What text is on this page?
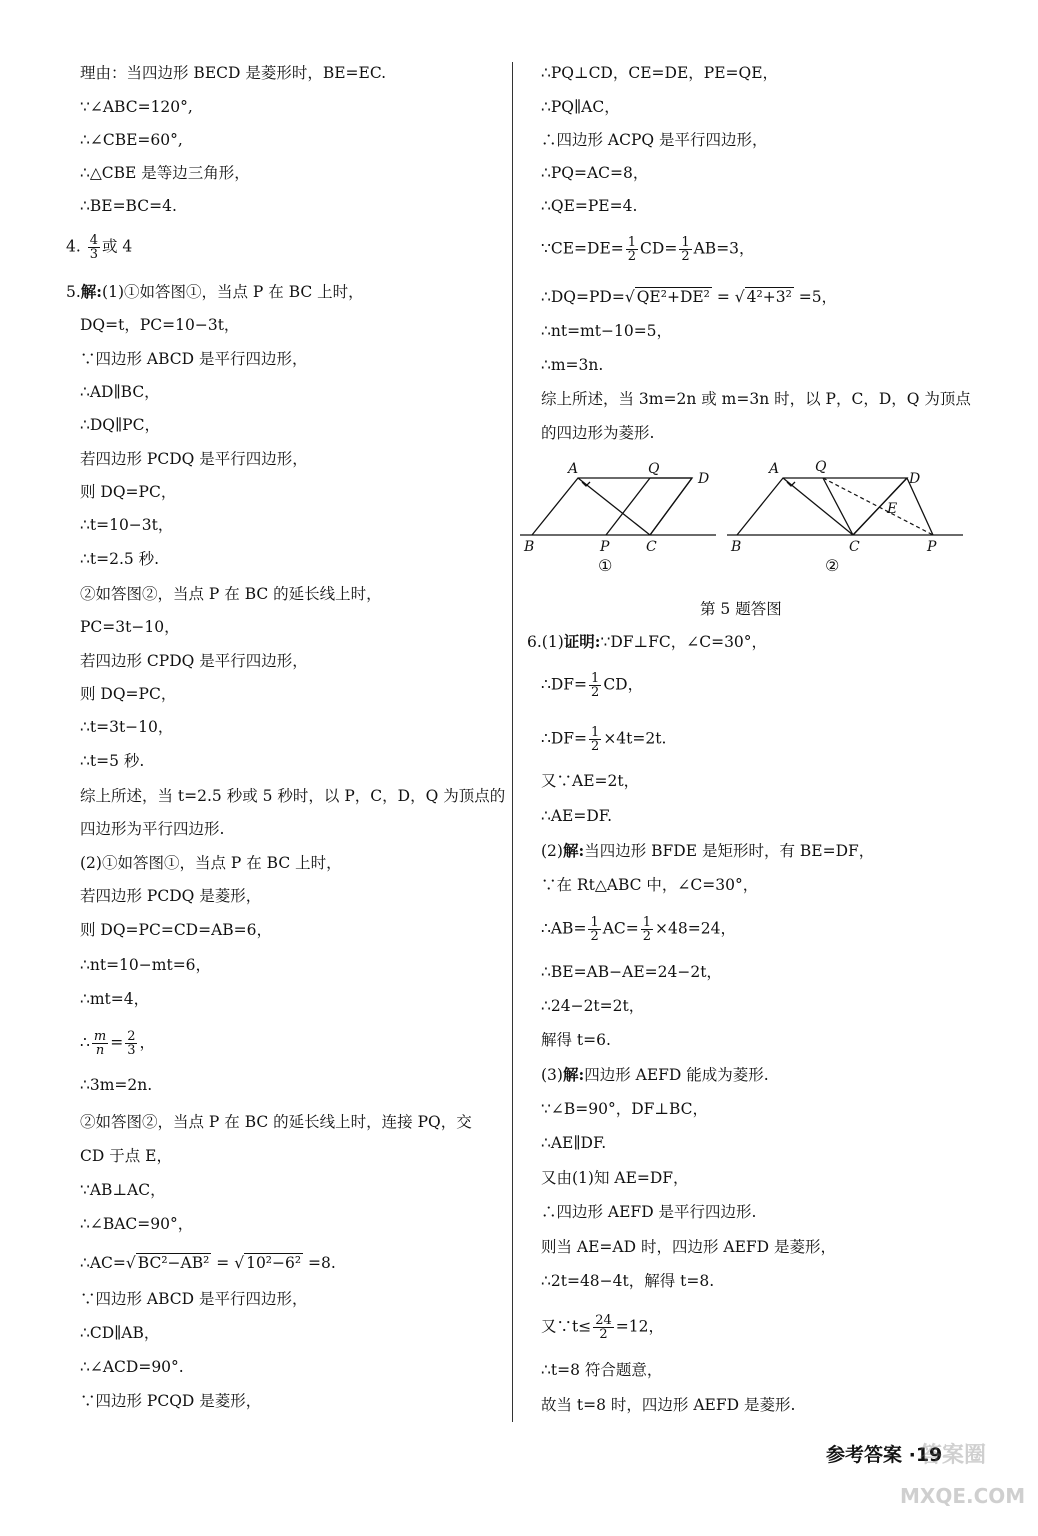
理由：当四边形 BECD 是菱形时，BE=EC.
∵∠ABC=120°,
∴∠CBE=60°,
∴△CBE 是等边三角形，
∴BE=BC=4.
4. $\frac{4}{3}$ 或 4
5.解:(1)①如答图①，当点 P 在 BC 上时，
DQ=t，PC=10−3t，
∵四边形 ABCD 是平行四边形，
∴AD∥BC，
∴DQ∥PC，
若四边形 PCDQ 是平行四边形，
则 DQ=PC，
∴t=10−3t，
∴t=2.5 秒.
②如答图②，当点 P 在 BC 的延长线上时，
PC=3t−10，
若四边形 CPDQ 是平行四边形，
则 DQ=PC，
∴t=3t−10，
∴t=5 秒.
综上所述，当 t=2.5 秒或 5 秒时，以 P，C，D，Q 为顶点的
四边形为平行四边形.
(2)①如答图①，当点 P 在 BC 上时，
若四边形 PCDQ 是菱形，
则 DQ=PC=CD=AB=6，
∴nt=10−mt=6，
∴mt=4，
∴ $\frac{m}{n} = \frac{2}{3}$ ，
∴3m=2n.
②如答图②，当点 P 在 BC 的延长线上时，连接 PQ，交
CD 于点 E，
∵AB⊥AC，
∴∠BAC=90°，
∴AC=√ BC²−AB² = √ 10²−6² =8.
∵四边形 ABCD 是平行四边形，
∴CD∥AB，
∴∠ACD=90°.
∵四边形 PCQD 是菱形，
∴PQ⊥CD，CE=DE，PE=QE，
∴PQ∥AC，
∴四边形 ACPQ 是平行四边形，
∴PQ=AC=8，
∴QE=PE=4.
∵CE=DE= $\frac{1}{2} CD= \frac{1}{2} AB=3$，
∴DQ=PD=√ QE²+DE² = √ 4²+3² =5，
∴nt=mt−10=5，
∴m=3n.
综上所述，当 3m=2n 或 m=3n 时，以 P，C，D，Q 为顶点
的四边形为菱形.
A	Q
D
B	P	C
①
A	Q
D
E
B	C	P
②
第 5 题答图
6.(1)证明:∵DF⊥FC，∠C=30°，
∴DF= $\frac{1}{2}$ CD，
∴DF= $\frac{1}{2} \times 4t=2t$.
又∵AE=2t，
∴AE=DF.
(2)解:当四边形 BFDE 是矩形时，有 BE=DF，
∵在 Rt△ABC 中，∠C=30°，
∴AB= $\frac{1}{2} AC= \frac{1}{2} \times 48=24$，
∴BE=AB−AE=24−2t，
∴24−2t=2t，
解得 t=6.
(3)解:四边形 AEFD 能成为菱形.
∵∠B=90°，DF⊥BC，
∴AE∥DF.
又由(1)知 AE=DF，
∴四边形 AEFD 是平行四边形.
则当 AE=AD 时，四边形 AEFD 是菱形，
∴2t=48−4t，解得 t=8.
又∵t≤ $\frac{24}{2} =12$，
∴t=8 符合题意，
故当 t=8 时，四边形 AEFD 是菱形.
参考答案 ·19
答案圈
MXQE.COM
